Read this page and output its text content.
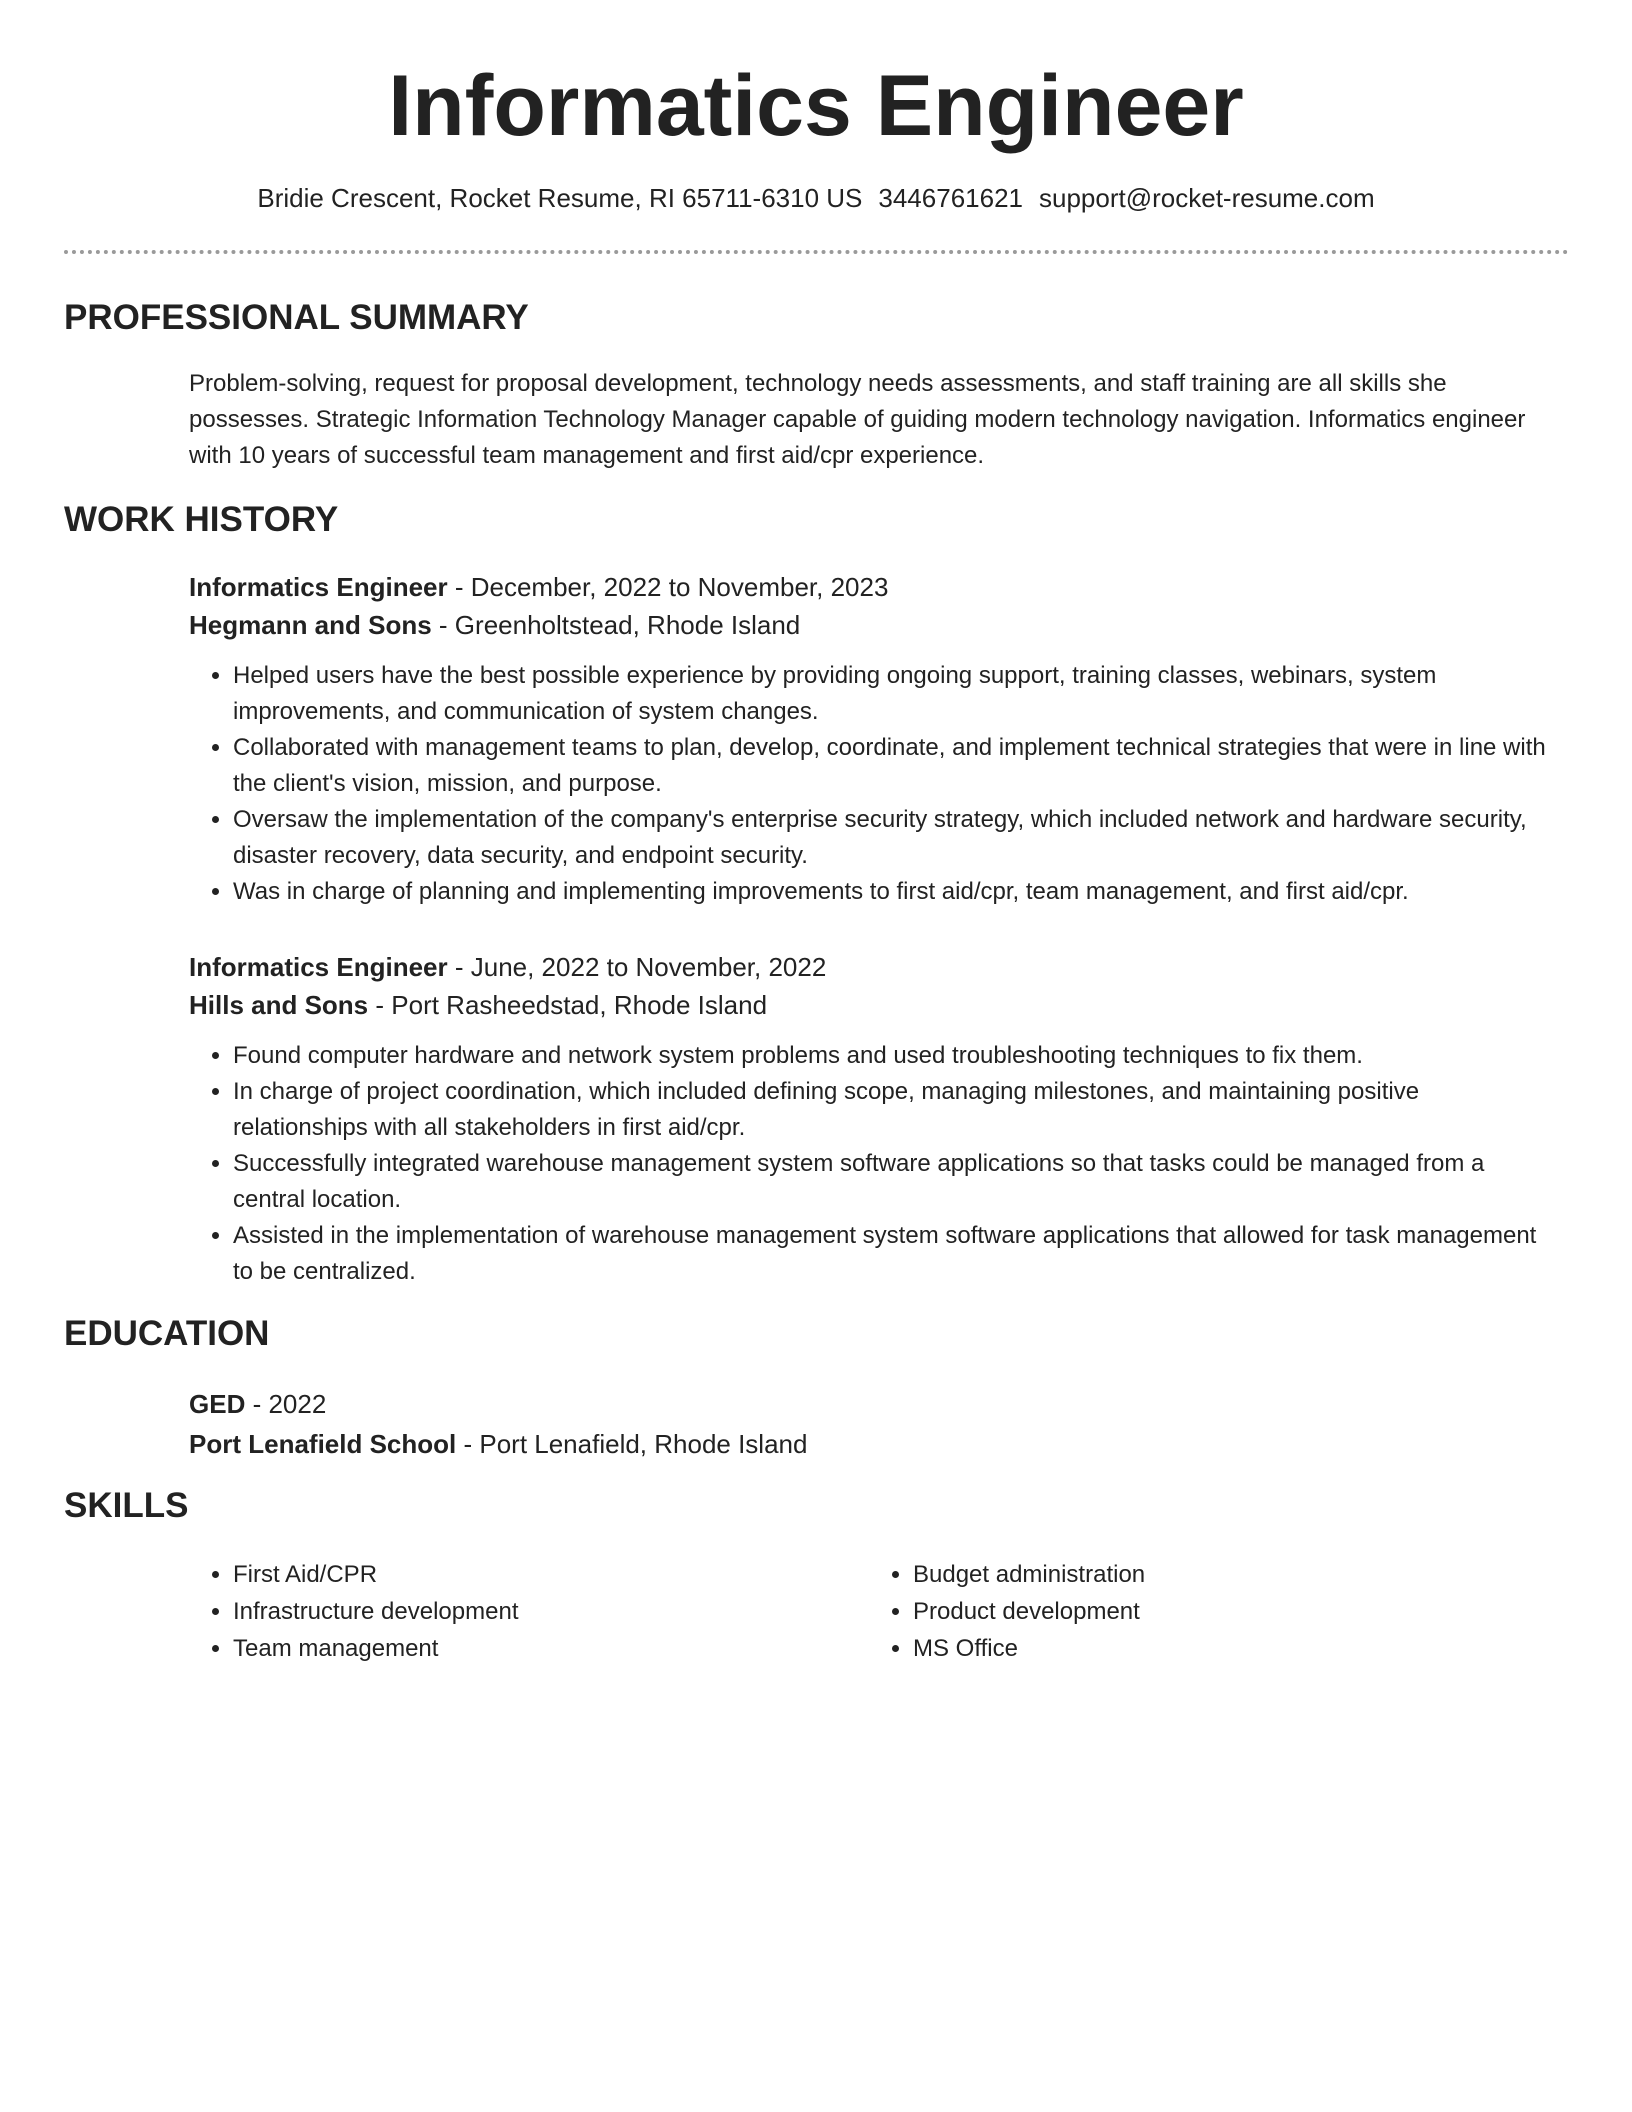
Informatics Engineer
Bridie Crescent, Rocket Resume, RI 65711-6310 US 3446761621 support@rocket-resume.com
PROFESSIONAL SUMMARY
Problem-solving, request for proposal development, technology needs assessments, and staff training are all skills she possesses. Strategic Information Technology Manager capable of guiding modern technology navigation. Informatics engineer with 10 years of successful team management and first aid/cpr experience.
WORK HISTORY
Informatics Engineer - December, 2022 to November, 2023
Hegmann and Sons - Greenholtstead, Rhode Island
• Helped users have the best possible experience by providing ongoing support, training classes, webinars, system improvements, and communication of system changes.
• Collaborated with management teams to plan, develop, coordinate, and implement technical strategies that were in line with the client's vision, mission, and purpose.
• Oversaw the implementation of the company's enterprise security strategy, which included network and hardware security, disaster recovery, data security, and endpoint security.
• Was in charge of planning and implementing improvements to first aid/cpr, team management, and first aid/cpr.
Informatics Engineer - June, 2022 to November, 2022
Hills and Sons - Port Rasheedstad, Rhode Island
• Found computer hardware and network system problems and used troubleshooting techniques to fix them.
• In charge of project coordination, which included defining scope, managing milestones, and maintaining positive relationships with all stakeholders in first aid/cpr.
• Successfully integrated warehouse management system software applications so that tasks could be managed from a central location.
• Assisted in the implementation of warehouse management system software applications that allowed for task management to be centralized.
EDUCATION
GED - 2022
Port Lenafield School - Port Lenafield, Rhode Island
SKILLS
• First Aid/CPR
• Infrastructure development
• Team management
• Budget administration
• Product development
• MS Office
